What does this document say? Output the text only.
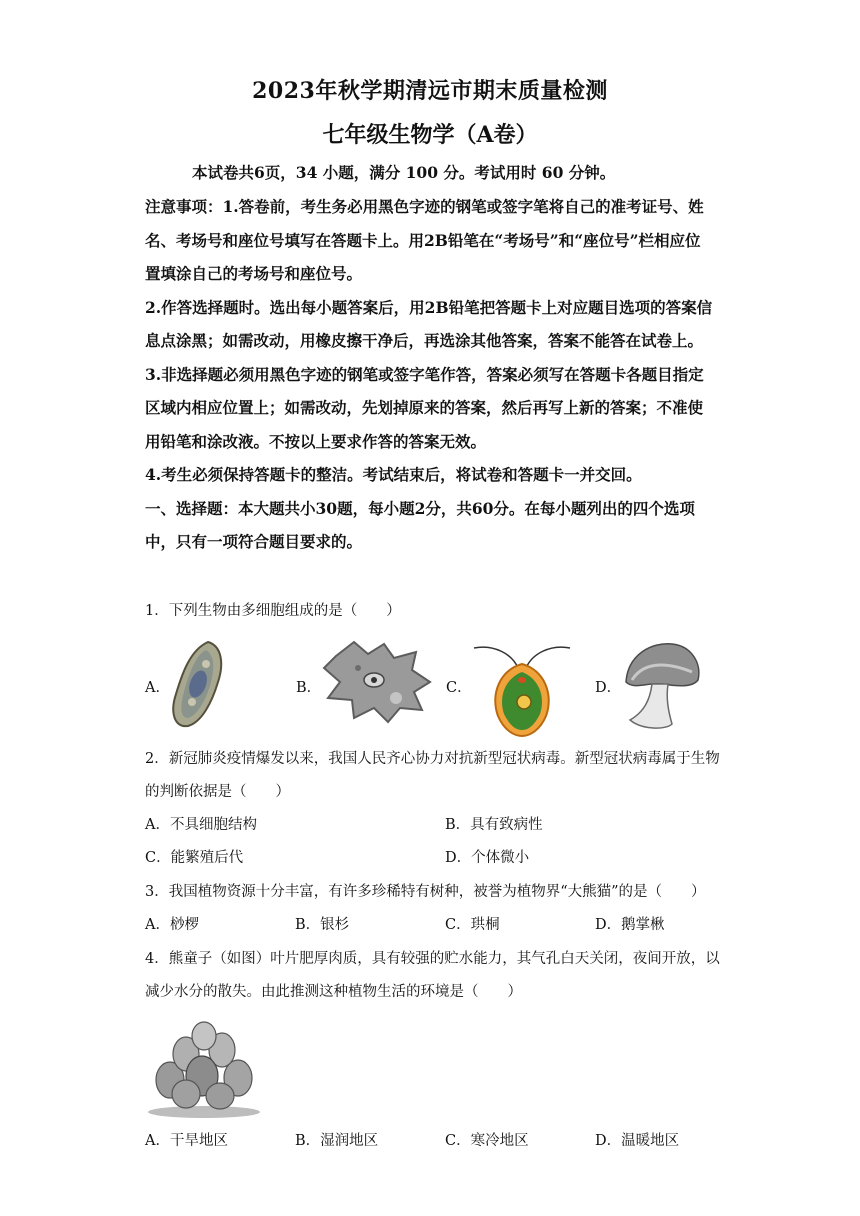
2023年秋学期清远市期末质量检测
七年级生物学（A卷）
本试卷共6页，34 小题，满分 100 分。考试用时 60 分钟。
注意事项：1.答卷前，考生务必用黑色字迹的钢笔或签字笔将自己的准考证号、姓名、考场号和座位号填写在答题卡上。用2B铅笔在“考场号”和“座位号”栏相应位置填涂自己的考场号和座位号。
2.作答选择题时。选出每小题答案后，用2B铅笔把答题卡上对应题目选项的答案信息点涂黑；如需改动，用橡皮擦干净后，再选涂其他答案，答案不能答在试卷上。
3.非选择题必须用黑色字迹的钢笔或签字笔作答，答案必须写在答题卡各题目指定区域内相应位置上；如需改动，先划掉原来的答案，然后再写上新的答案；不准使用铅笔和涂改液。不按以上要求作答的答案无效。
4.考生必须保持答题卡的整洁。考试结束后，将试卷和答题卡一并交回。
一、选择题：本大题共小30题，每小题2分，共60分。在每小题列出的四个选项中，只有一项符合题目要求的。
1．下列生物由多细胞组成的是（　　）
A．	B．	C．	D．
2．新冠肺炎疫情爆发以来，我国人民齐心协力对抗新型冠状病毒。新型冠状病毒属于生物的判断依据是（　　）
A．不具细胞结构	B．具有致病性
C．能繁殖后代	D．个体微小
3．我国植物资源十分丰富，有许多珍稀特有树种，被誉为植物界“大熊猫”的是（　　）
A．桫椤	B．银杉	C．珙桐	D．鹅掌楸
4．熊童子（如图）叶片肥厚肉质，具有较强的贮水能力，其气孔白天关闭，夜间开放，以减少水分的散失。由此推测这种植物生活的环境是（　　）
A．干旱地区	B．湿润地区	C．寒冷地区	D．温暖地区
